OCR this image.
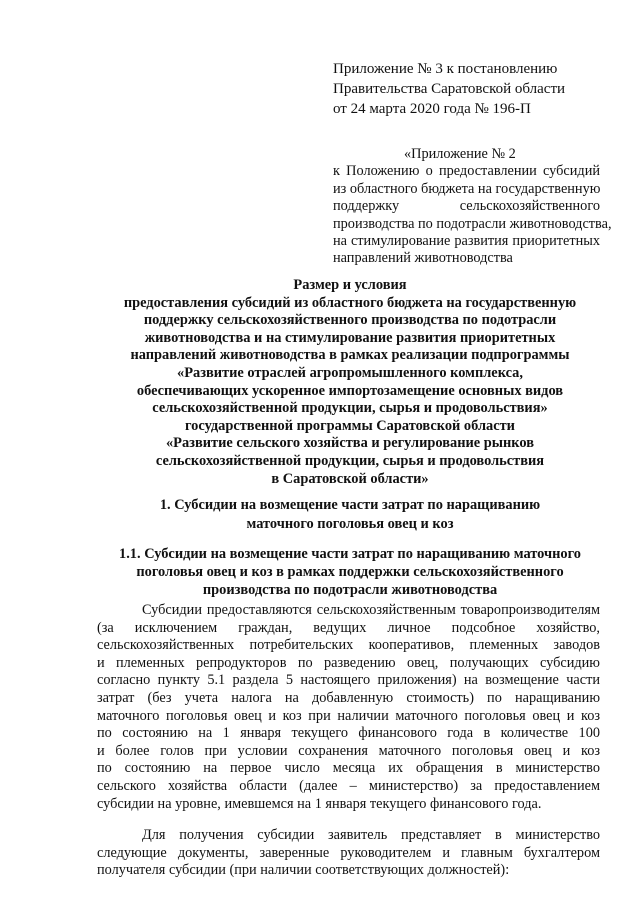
Приложение № 3 к постановлению
Правительства Саратовской области
от 24 марта 2020 года № 196-П
«Приложение № 2
к Положению о предоставлении субсидий
из областного бюджета на государственную
поддержку сельскохозяйственного
производства по подотрасли животноводства,
на стимулирование развития приоритетных
направлений животноводства
Размер и условия
предоставления субсидий из областного бюджета на государственную
поддержку сельскохозяйственного производства по подотрасли
животноводства и на стимулирование развития приоритетных
направлений животноводства в рамках реализации подпрограммы
«Развитие отраслей агропромышленного комплекса,
обеспечивающих ускоренное импортозамещение основных видов
сельскохозяйственной продукции, сырья и продовольствия»
государственной программы Саратовской области
«Развитие сельского хозяйства и регулирование рынков
сельскохозяйственной продукции, сырья и продовольствия
в Саратовской области»
1. Субсидии на возмещение части затрат по наращиванию
маточного поголовья овец и коз
1.1. Субсидии на возмещение части затрат по наращиванию маточного
поголовья овец и коз в рамках поддержки сельскохозяйственного
производства по подотрасли животноводства
Субсидии предоставляются сельскохозяйственным товаропроизводителям
(за исключением граждан, ведущих личное подсобное хозяйство,
сельскохозяйственных потребительских кооперативов, племенных заводов
и племенных репродукторов по разведению овец, получающих субсидию
согласно пункту 5.1 раздела 5 настоящего приложения) на возмещение части
затрат (без учета налога на добавленную стоимость) по наращиванию
маточного поголовья овец и коз при наличии маточного поголовья овец и коз
по состоянию на 1 января текущего финансового года в количестве 100
и более голов при условии сохранения маточного поголовья овец и коз
по состоянию на первое число месяца их обращения в министерство
сельского хозяйства области (далее – министерство) за предоставлением
субсидии на уровне, имевшемся на 1 января текущего финансового года.
Для получения субсидии заявитель представляет в министерство
следующие документы, заверенные руководителем и главным бухгалтером
получателя субсидии (при наличии соответствующих должностей):
